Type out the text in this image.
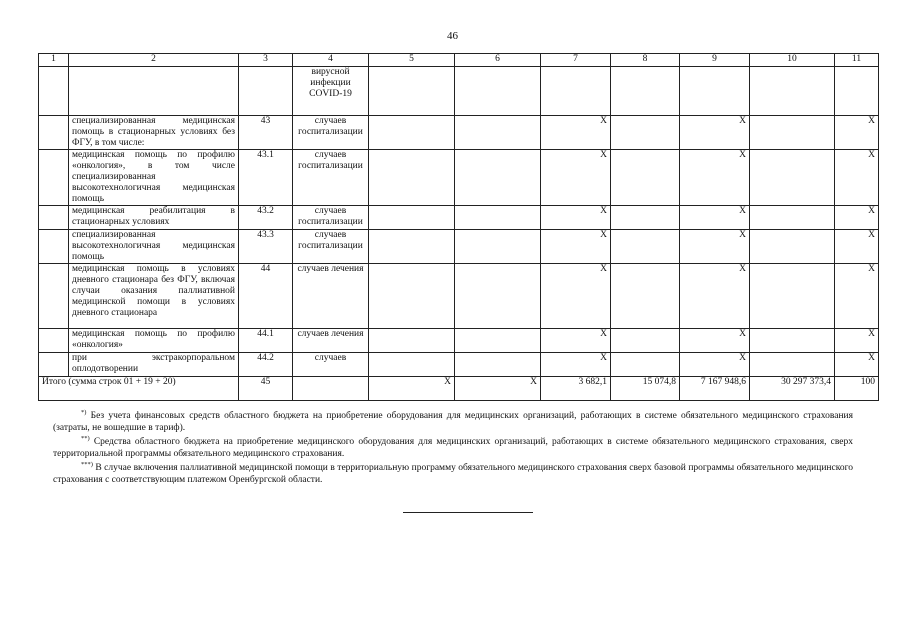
46
1	2	3	4	5	6	7	8	9	10	11
			вирусной инфекции COVID-19							
	специализированная медицинская помощь в стационарных условиях без ФГУ, в том числе:	43	случаев госпитализации			X		X		X
	медицинская помощь по профилю «онкология», в том числе специализированная высокотехнологичная медицинская помощь	43.1	случаев госпитализации			X		X		X
	медицинская реабилитация в стационарных условиях	43.2	случаев госпитализации			X		X		X
	специализированная высокотехнологичная медицинская помощь	43.3	случаев госпитализации			X		X		X
	медицинская помощь в условиях дневного стационара без ФГУ, включая случаи оказания паллиативной медицинской помощи в условиях дневного стационара	44	случаев лечения			X		X		X
	медицинская помощь по профилю «онкология»	44.1	случаев лечения			X		X		X
	при экстракорпоральном оплодотворении	44.2	случаев			X		X		X
Итого (сумма строк 01 + 19 + 20)		45		X	X	3 682,1	15 074,8	7 167 948,6	30 297 373,4	100

*) Без учета финансовых средств областного бюджета на приобретение оборудования для медицинских организаций, работающих в системе обязательного медицинского страхования (затраты, не вошедшие в тариф).

**) Средства областного бюджета на приобретение медицинского оборудования для медицинских организаций, работающих в системе обязательного медицинского страхования, сверх территориальной программы обязательного медицинского страхования.

***) В случае включения паллиативной медицинской помощи в территориальную программу обязательного медицинского страхования сверх базовой программы обязательного медицинского страхования с соответствующим платежом Оренбургской области.
